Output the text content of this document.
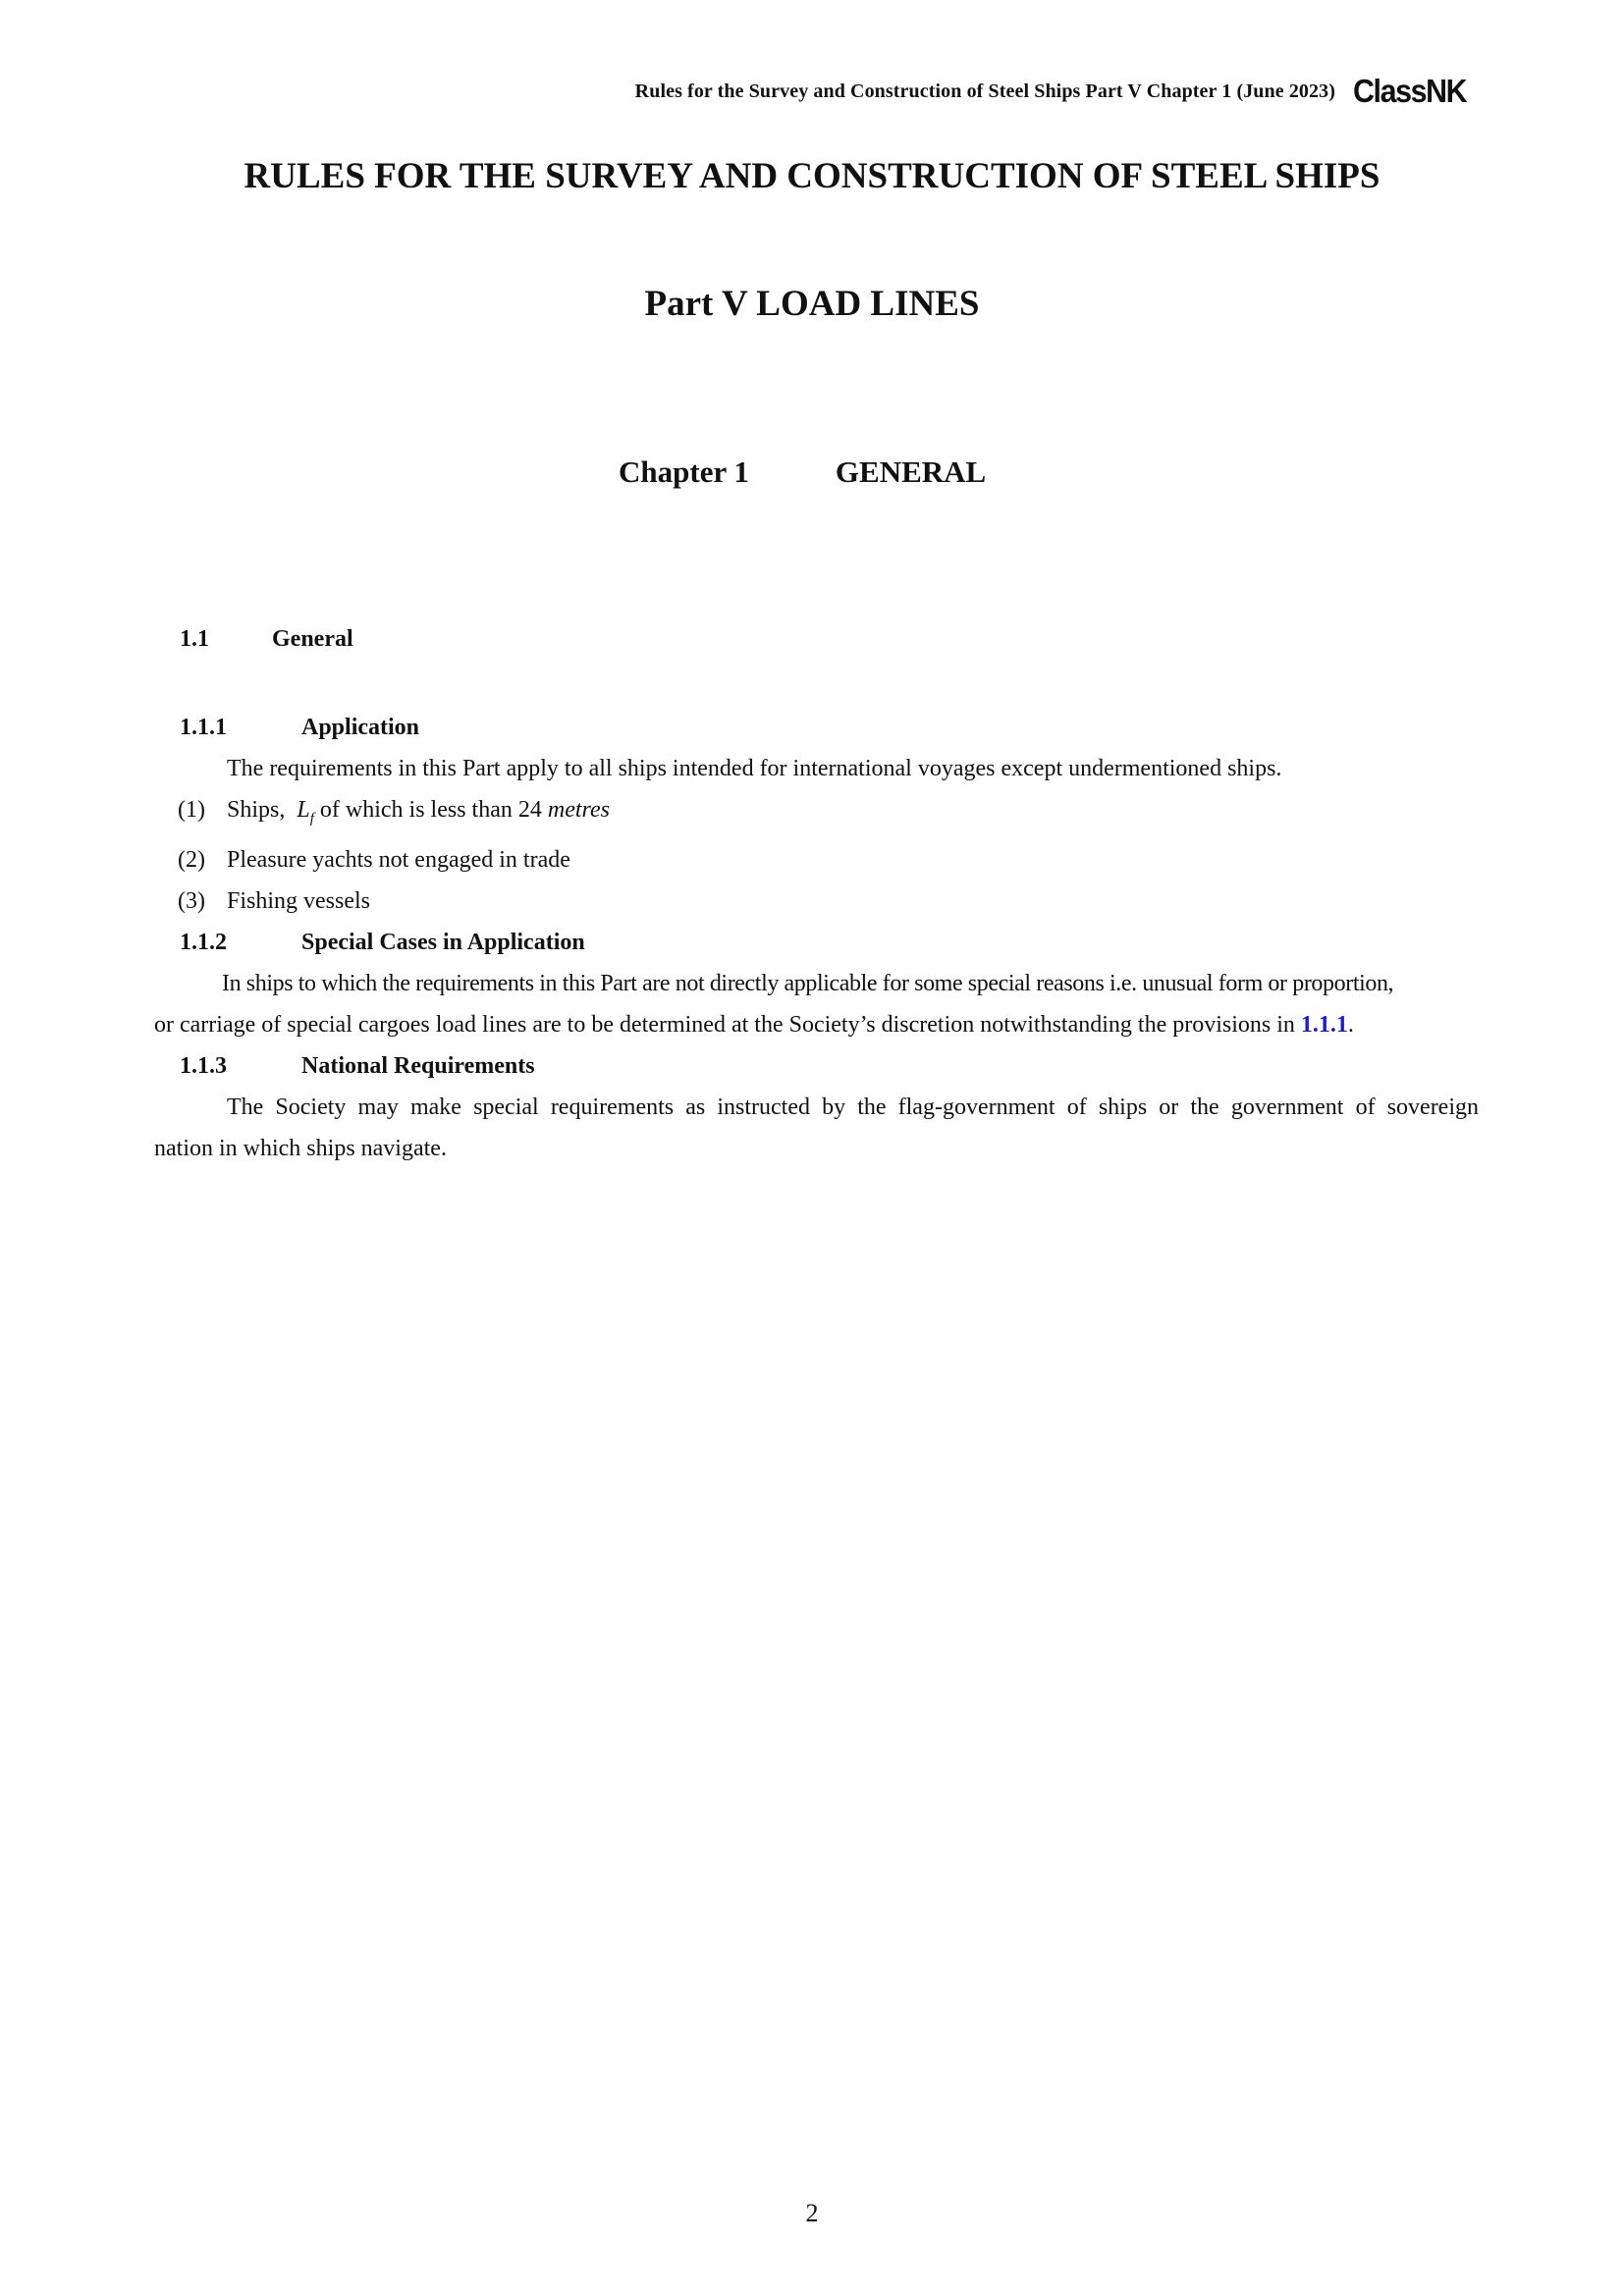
Rules for the Survey and Construction of Steel Ships Part V Chapter 1 (June 2023) ClassNK
RULES FOR THE SURVEY AND CONSTRUCTION OF STEEL SHIPS
Part V LOAD LINES
Chapter 1	GENERAL
1.1	General
1.1.1	Application
The requirements in this Part apply to all ships intended for international voyages except undermentioned ships.
(1) Ships, $L_f$ of which is less than 24 metres
(2) Pleasure yachts not engaged in trade
(3) Fishing vessels
1.1.2	Special Cases in Application
In ships to which the requirements in this Part are not directly applicable for some special reasons i.e. unusual form or proportion,
or carriage of special cargoes load lines are to be determined at the Society’s discretion notwithstanding the provisions in 1.1.1.
1.1.3	National Requirements
The Society may make special requirements as instructed by the flag-government of ships or the government of sovereign
nation in which ships navigate.
2
